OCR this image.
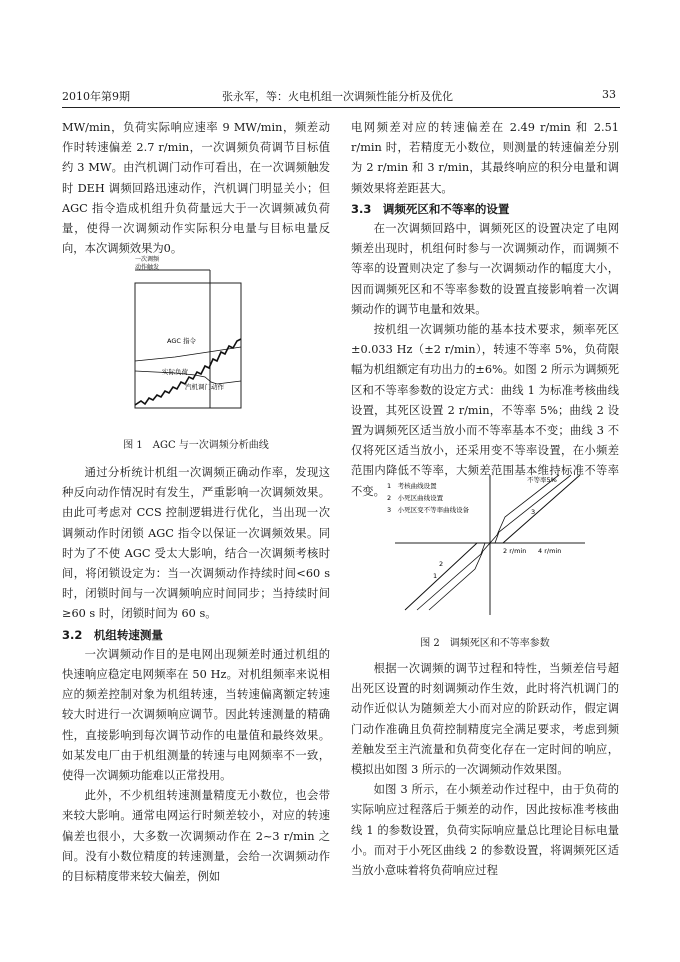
2010年第9期	张永军，等：火电机组一次调频性能分析及优化	33

MW/min，负荷实际响应速率 9 MW/min，频差动作时转速偏差 2.7 r/min，一次调频负荷调节目标值约 3 MW。由汽机调门动作可看出，在一次调频触发时 DEH 调频回路迅速动作，汽机调门明显关小；但 AGC 指令造成机组升负荷量远大于一次调频减负荷量，使得一次调频动作实际积分电量与目标电量反向，本次调频效果为0。

一次调频
动作触发
AGC 指令
实际负荷
汽机调门动作
图 1　AGC 与一次调频分析曲线

通过分析统计机组一次调频正确动作率，发现这种反向动作情况时有发生，严重影响一次调频效果。由此可考虑对 CCS 控制逻辑进行优化，当出现一次调频动作时闭锁 AGC 指令以保证一次调频效果。同时为了不使 AGC 受太大影响，结合一次调频考核时间，将闭锁设定为：当一次调频动作持续时间<60 s 时，闭锁时间与一次调频响应时间同步；当持续时间≥60 s 时，闭锁时间为 60 s。

3.2　机组转速测量

一次调频动作目的是电网出现频差时通过机组的快速响应稳定电网频率在 50 Hz。对机组频率来说相应的频差控制对象为机组转速，当转速偏离额定转速较大时进行一次调频响应调节。因此转速测量的精确性，直接影响到每次调节动作的电量值和最终效果。如某发电厂由于机组测量的转速与电网频率不一致，使得一次调频功能难以正常投用。

此外，不少机组转速测量精度无小数位，也会带来较大影响。通常电网运行时频差较小，对应的转速偏差也很小，大多数一次调频动作在 2~3 r/min 之间。没有小数位精度的转速测量，会给一次调频动作的目标精度带来较大偏差，例如

电网频差对应的转速偏差在 2.49 r/min 和 2.51 r/min 时，若精度无小数位，则测量的转速偏差分别为 2 r/min 和 3 r/min，其最终响应的积分电量和调频效果将差距甚大。

3.3　调频死区和不等率的设置

在一次调频回路中，调频死区的设置决定了电网频差出现时，机组何时参与一次调频动作，而调频不等率的设置则决定了参与一次调频动作的幅度大小，因而调频死区和不等率参数的设置直接影响着一次调频动作的调节电量和效果。

按机组一次调频功能的基本技术要求，频率死区±0.033 Hz（±2 r/min），转速不等率 5%，负荷限幅为机组额定有功出力的±6%。如图 2 所示为调频死区和不等率参数的设定方式：曲线 1 为标准考核曲线设置，其死区设置 2 r/min，不等率 5%；曲线 2 设置为调频死区适当放小而不等率基本不变；曲线 3 不仅将死区适当放小，还采用变不等率设置，在小频差范围内降低不等率，大频差范围基本维持标准不等率不变。 1　考核曲线设置
2　小死区曲线设置
3　小死区变不等率曲线设备
不等率5%
1
2
3
2 r/min 4 r/min
图 2　调频死区和不等率参数

根据一次调频的调节过程和特性，当频差信号超出死区设置的时刻调频动作生效，此时将汽机调门的动作近似认为随频差大小而对应的阶跃动作，假定调门动作准确且负荷控制精度完全满足要求，考虑到频差触发至主汽流量和负荷变化存在一定时间的响应，模拟出如图 3 所示的一次调频动作效果图。

如图 3 所示，在小频差动作过程中，由于负荷的实际响应过程落后于频差的动作，因此按标准考核曲线 1 的参数设置，负荷实际响应量总比理论目标电量小。而对于小死区曲线 2 的参数设置，将调频死区适当放小意味着将负荷响应过程
